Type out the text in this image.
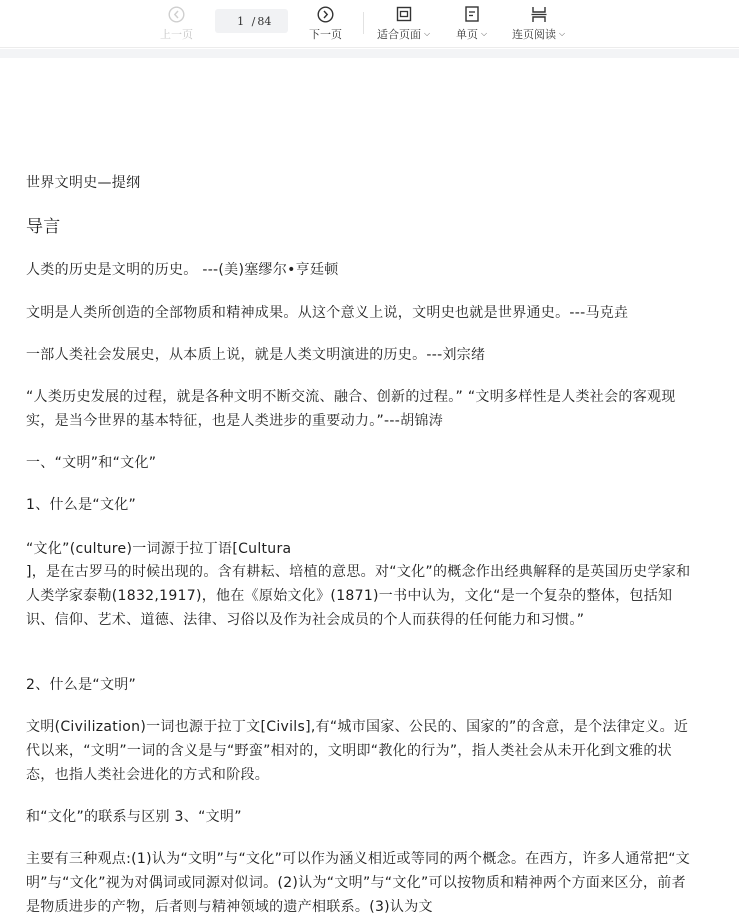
上一页
1
/ 84
下一页	适合页面 ⌵ 单页 ⌵ 连页阅读 ⌵

世界文明史—提纲

导言

人类的历史是文明的历史。 ---(美)塞缪尔•亨廷顿

文明是人类所创造的全部物质和精神成果。从这个意义上说，文明史也就是世界通史。---马克垚

一部人类社会发展史，从本质上说，就是人类文明演进的历史。---刘宗绪

“人类历史发展的过程，就是各种文明不断交流、融合、创新的过程。” “文明多样性是人类社会的客观现实，是当今世界的基本特征，也是人类进步的重要动力。”---胡锦涛

一、“文明”和“文化”

1、什么是“文化”

“文化”(culture)一词源于拉丁语[Cultura

]，是在古罗马的时候出现的。含有耕耘、培植的意思。对“文化”的概念作出经典解释的是英国历史学家和人类学家泰勒(1832,1917)，他在《原始文化》(1871)一书中认为，文化“是一个复杂的整体，包括知识、信仰、艺术、道德、法律、习俗以及作为社会成员的个人而获得的任何能力和习惯。”

2、什么是“文明”

文明(Civilization)一词也源于拉丁文[Civils],有“城市国家、公民的、国家的”的含意，是个法律定义。近代以来，“文明”一词的含义是与“野蛮”相对的，文明即“教化的行为”，指人类社会从未开化到文雅的状态，也指人类社会进化的方式和阶段。

和“文化”的联系与区别 3、“文明”

主要有三种观点:(1)认为“文明”与“文化”可以作为涵义相近或等同的两个概念。在西方，许多人通常把“文明”与“文化”视为对偶词或同源对似词。(2)认为“文明”与“文化”可以按物质和精神两个方面来区分，前者是物质进步的产物，后者则与精神领域的遗产相联系。(3)认为文
